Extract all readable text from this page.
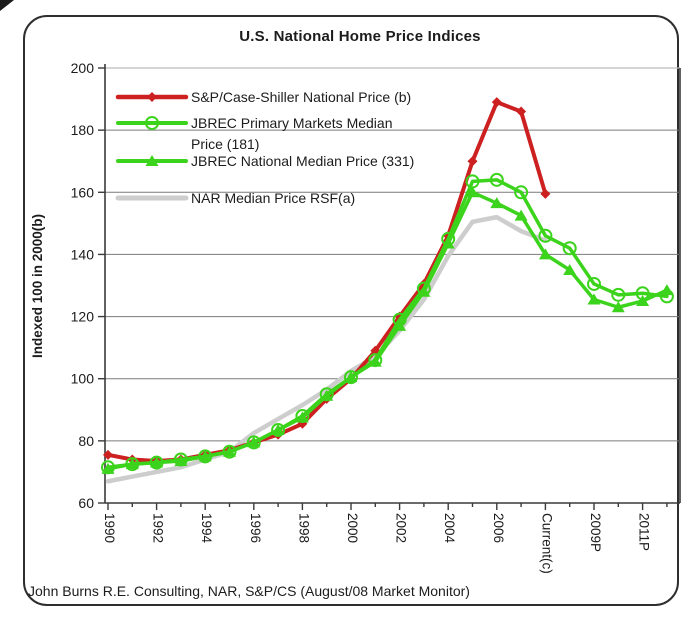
U.S. National Home Price Indices
60
80
100
120
140
160
180
200
Indexed 100 in 2000(b)
1990 1992 1994 1996 1998 2000 2002 2004 2006 Current(c) 2009P 2011P
S&P/Case-Shiller National Price (b)
JBREC Primary Markets Median
Price (181)
JBREC National Median Price (331)
NAR Median Price RSF(a)
John Burns R.E. Consulting, NAR, S&P/CS (August/08 Market Monitor)
